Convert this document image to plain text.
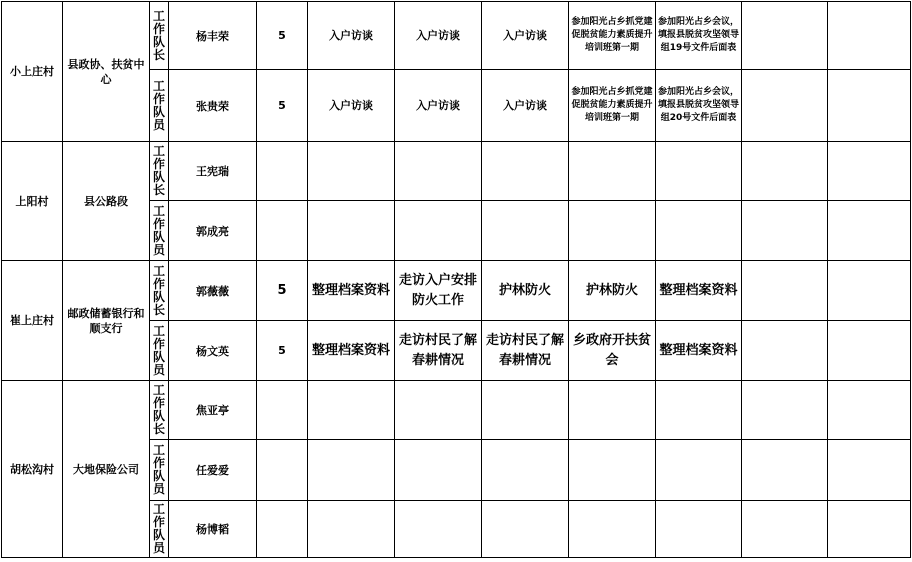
小上庄村	县政协、扶贫中心	工作队长	杨丰荣	5	入户访谈	入户访谈	入户访谈	参加阳光占乡抓党建促脱贫能力素质提升培训班第一期	参加阳光占乡会议，填报县脱贫攻坚领导组19号文件后面表		

		工作队员	张贵荣	5	入户访谈	入户访谈	入户访谈	参加阳光占乡抓党建促脱贫能力素质提升培训班第一期	参加阳光占乡会议，填报县脱贫攻坚领导组20号文件后面表		
上阳村	县公路段	工作队长	王宪瑞								

		工作队员	郭成亮								
崔上庄村	邮政储蓄银行和顺支行	工作队长	郭薇薇	5	整理档案资料	走访入户安排防火工作	护林防火	护林防火	整理档案资料		

		工作队员	杨文英	5	整理档案资料	走访村民了解春耕情况	走访村民了解春耕情况	乡政府开扶贫会	整理档案资料		
胡松沟村	大地保险公司	工作队长	焦亚亭								

		工作队员	任爱爱								

		工作队员	杨博韬								
